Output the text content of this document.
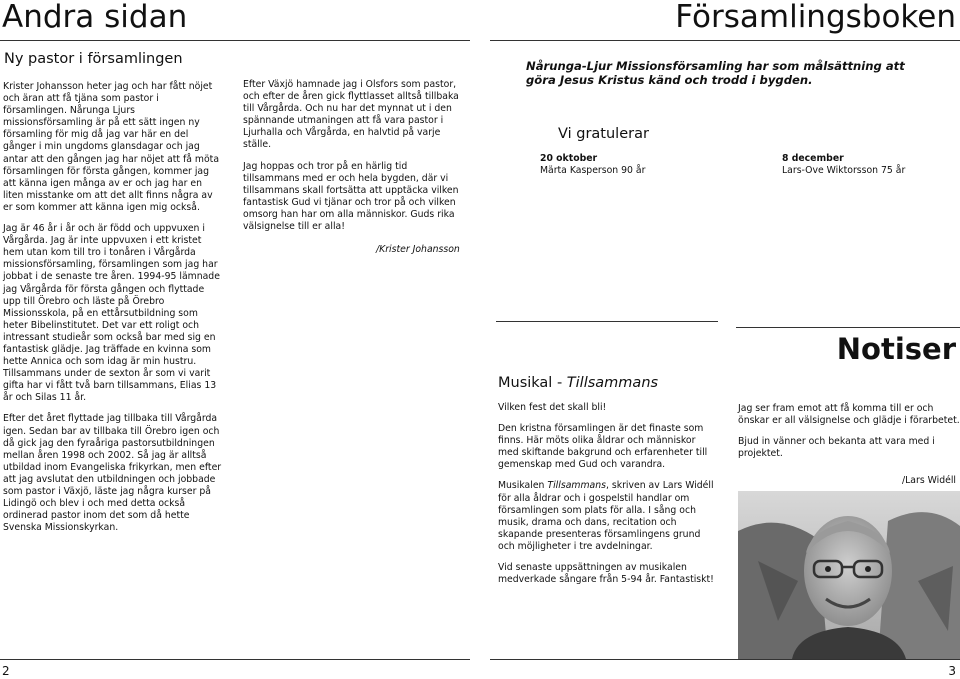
Andra sidan
Ny pastor i församlingen

Krister Johansson heter jag och har fått nöjet och äran att få tjäna som pastor i församlingen. Nårunga Ljurs missionsförsamling är på ett sätt ingen ny församling för mig då jag var här en del gånger i min ungdoms glansdagar och jag antar att den gången jag har nöjet att få möta församlingen för första gången, kommer jag att känna igen många av er och jag har en liten misstanke om att det allt finns några av er som kommer att känna igen mig också.

Jag är 46 år i år och är född och uppvuxen i Vårgårda. Jag är inte uppvuxen i ett kristet hem utan kom till tro i tonåren i Vårgårda missionsförsamling, församlingen som jag har jobbat i de senaste tre åren. 1994-95 lämnade jag Vårgårda för första gången och flyttade upp till Örebro och läste på Örebro Missionsskola, på en ettårsutbildning som heter Bibelinstitutet. Det var ett roligt och intressant studieår som också bar med sig en fantastisk glädje. Jag träffade en kvinna som hette Annica och som idag är min hustru. Tillsammans under de sexton år som vi varit gifta har vi fått två barn tillsammans, Elias 13 år och Silas 11 år.

Efter det året flyttade jag tillbaka till Vårgårda igen. Sedan bar av tillbaka till Örebro igen och då gick jag den fyraåriga pastorsutbildningen mellan åren 1998 och 2002. Så jag är alltså utbildad inom Evangeliska frikyrkan, men efter att jag avslutat den utbildningen och jobbade som pastor i Växjö, läste jag några kurser på Lidingö och blev i och med detta också ordinerad pastor inom det som då hette Svenska Missionskyrkan.

Efter Växjö hamnade jag i Olsfors som pastor, och efter de åren gick flyttlasset alltså tillbaka till Vårgårda. Och nu har det mynnat ut i den spännande utmaningen att få vara pastor i Ljurhalla och Vårgårda, en halvtid på varje ställe.

Jag hoppas och tror på en härlig tid tillsammans med er och hela bygden, där vi tillsammans skall fortsätta att upptäcka vilken fantastisk Gud vi tjänar och tror på och vilken omsorg han har om alla människor. Guds rika välsignelse till er alla!

/Krister Johansson
2
Församlingsboken
Nårunga-Ljur Missionsförsamling har som målsättning att göra Jesus Kristus känd och trodd i bygden.
Vi gratulerar
20 oktober
Märta Kasperson 90 år
8 december
Lars-Ove Wiktorsson 75 år
Musikal - Tillsammans

Vilken fest det skall bli!

Den kristna församlingen är det finaste som finns. Här möts olika åldrar och människor med skiftande bakgrund och erfarenheter till gemenskap med Gud och varandra.

Musikalen Tillsammans, skriven av Lars Widéll för alla åldrar och i gospelstil handlar om församlingen som plats för alla. I sång och musik, drama och dans, recitation och skapande presenteras församlingens grund och möjligheter i tre avdelningar.

Vid senaste uppsättningen av musikalen medverkade sångare från 5-94 år. Fantastiskt!

Notiser

Jag ser fram emot att få komma till er och önskar er all välsignelse och glädje i förarbetet.

Bjud in vänner och bekanta att vara med i projektet.

/Lars Widéll
3
